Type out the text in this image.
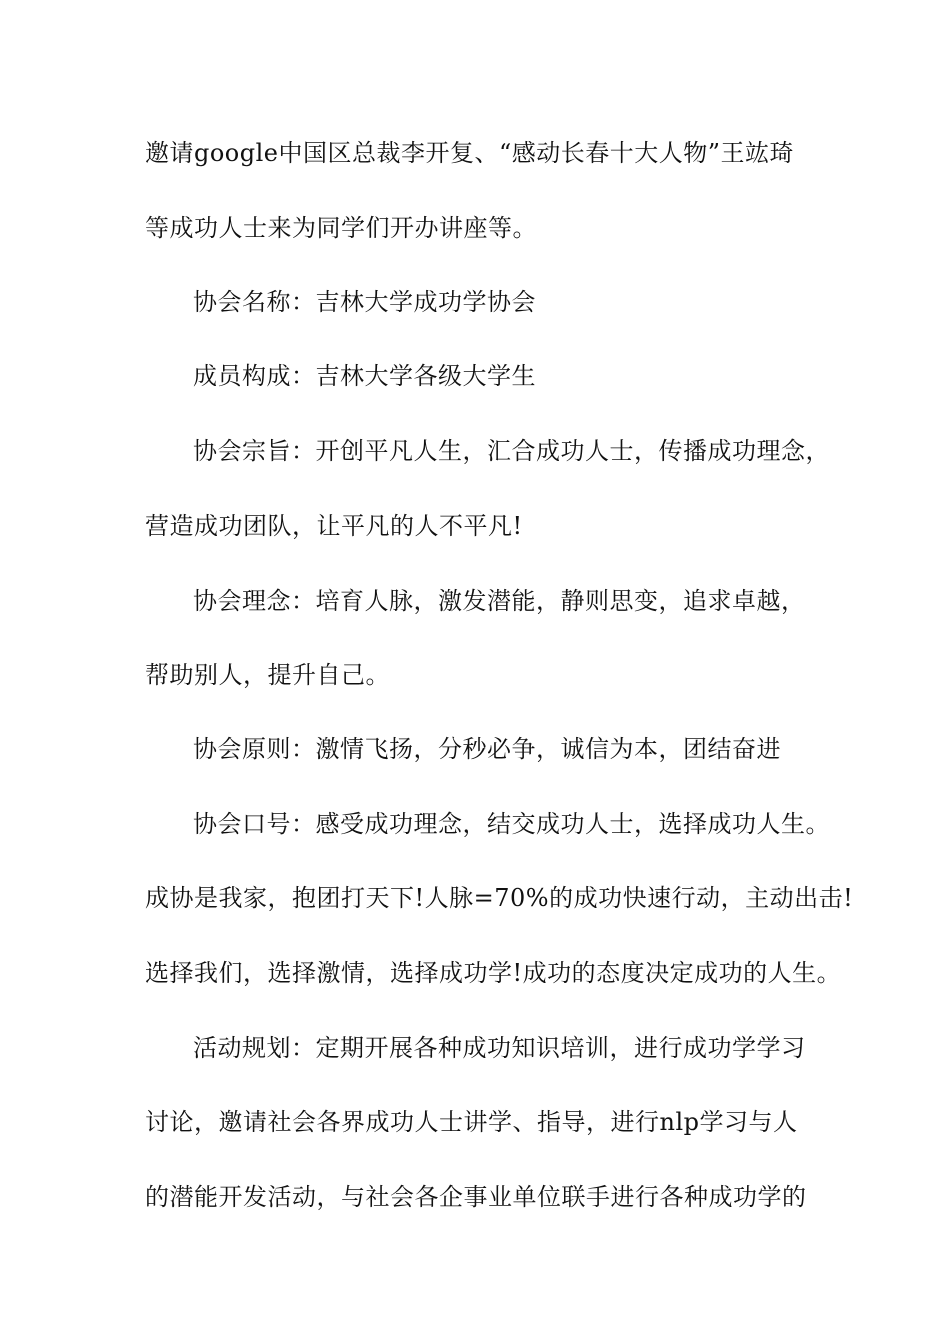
邀请google中国区总裁李开复、“感动长春十大人物”王竑琦
等成功人士来为同学们开办讲座等。
协会名称：吉林大学成功学协会
成员构成：吉林大学各级大学生
协会宗旨：开创平凡人生，汇合成功人士，传播成功理念，
营造成功团队，让平凡的人不平凡!
协会理念：培育人脉，激发潜能，静则思变，追求卓越，
帮助别人，提升自己。
协会原则：激情飞扬，分秒必争，诚信为本，团结奋进
协会口号：感受成功理念，结交成功人士，选择成功人生。
成协是我家，抱团打天下!人脉=70%的成功快速行动，主动出击!
选择我们，选择激情，选择成功学!成功的态度决定成功的人生。
活动规划：定期开展各种成功知识培训，进行成功学学习
讨论，邀请社会各界成功人士讲学、指导，进行nlp学习与人
的潜能开发活动，与社会各企事业单位联手进行各种成功学的
